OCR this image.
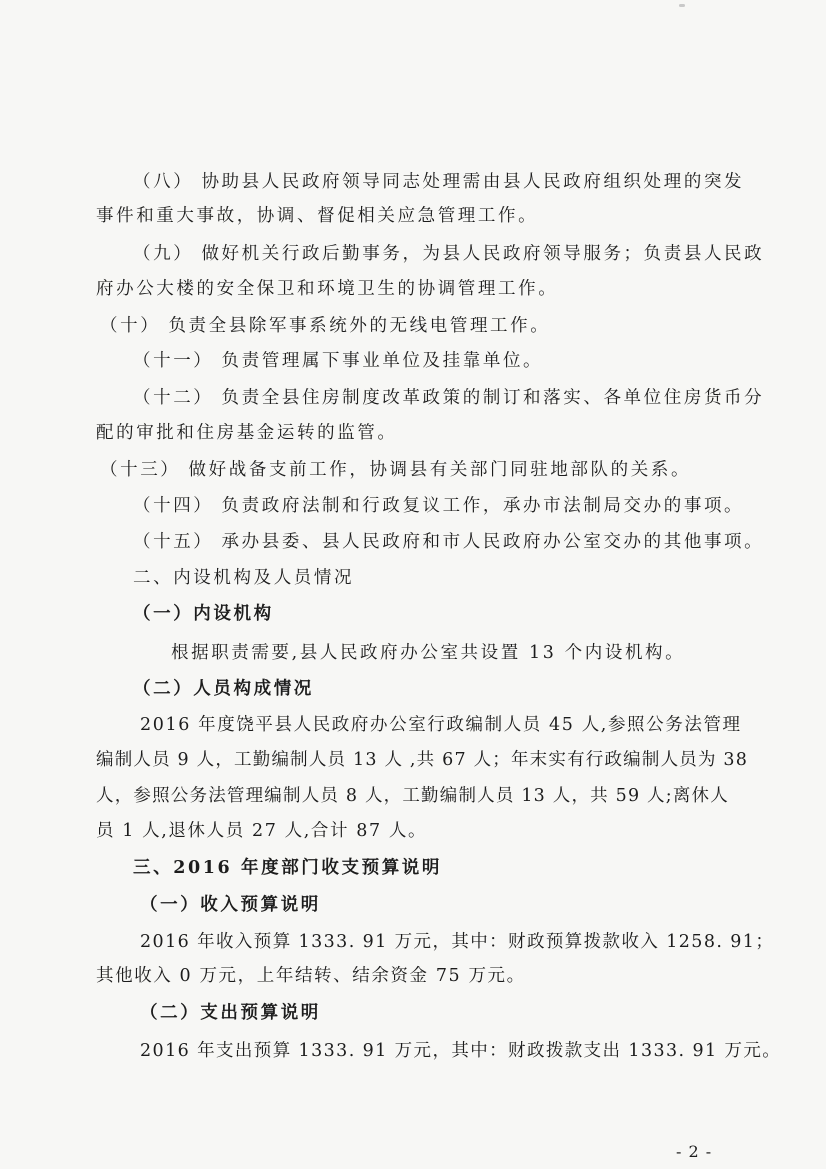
（八） 协助县人民政府领导同志处理需由县人民政府组织处理的突发
事件和重大事故，协调、督促相关应急管理工作。
（九） 做好机关行政后勤事务，为县人民政府领导服务；负责县人民政
府办公大楼的安全保卫和环境卫生的协调管理工作。
（十） 负责全县除军事系统外的无线电管理工作。
（十一） 负责管理属下事业单位及挂靠单位。
（十二） 负责全县住房制度改革政策的制订和落实、各单位住房货币分
配的审批和住房基金运转的监管。
（十三） 做好战备支前工作，协调县有关部门同驻地部队的关系。
（十四） 负责政府法制和行政复议工作，承办市法制局交办的事项。
（十五） 承办县委、县人民政府和市人民政府办公室交办的其他事项。
二、内设机构及人员情况
（一）内设机构
根据职责需要,县人民政府办公室共设置 13 个内设机构。
（二）人员构成情况
2016 年度饶平县人民政府办公室行政编制人员 45 人,参照公务法管理
编制人员 9 人，工勤编制人员 13 人 ,共 67 人；年末实有行政编制人员为 38
人，参照公务法管理编制人员 8 人，工勤编制人员 13 人，共 59 人;离休人
员 1 人,退休人员 27 人,合计 87 人。
三、2016 年度部门收支预算说明
（一）收入预算说明
2016 年收入预算 1333. 91 万元，其中：财政预算拨款收入 1258. 91；
其他收入 0 万元，上年结转、结余资金 75 万元。
（二）支出预算说明
2016 年支出预算 1333. 91 万元，其中：财政拨款支出 1333. 91 万元。
- 2 -
